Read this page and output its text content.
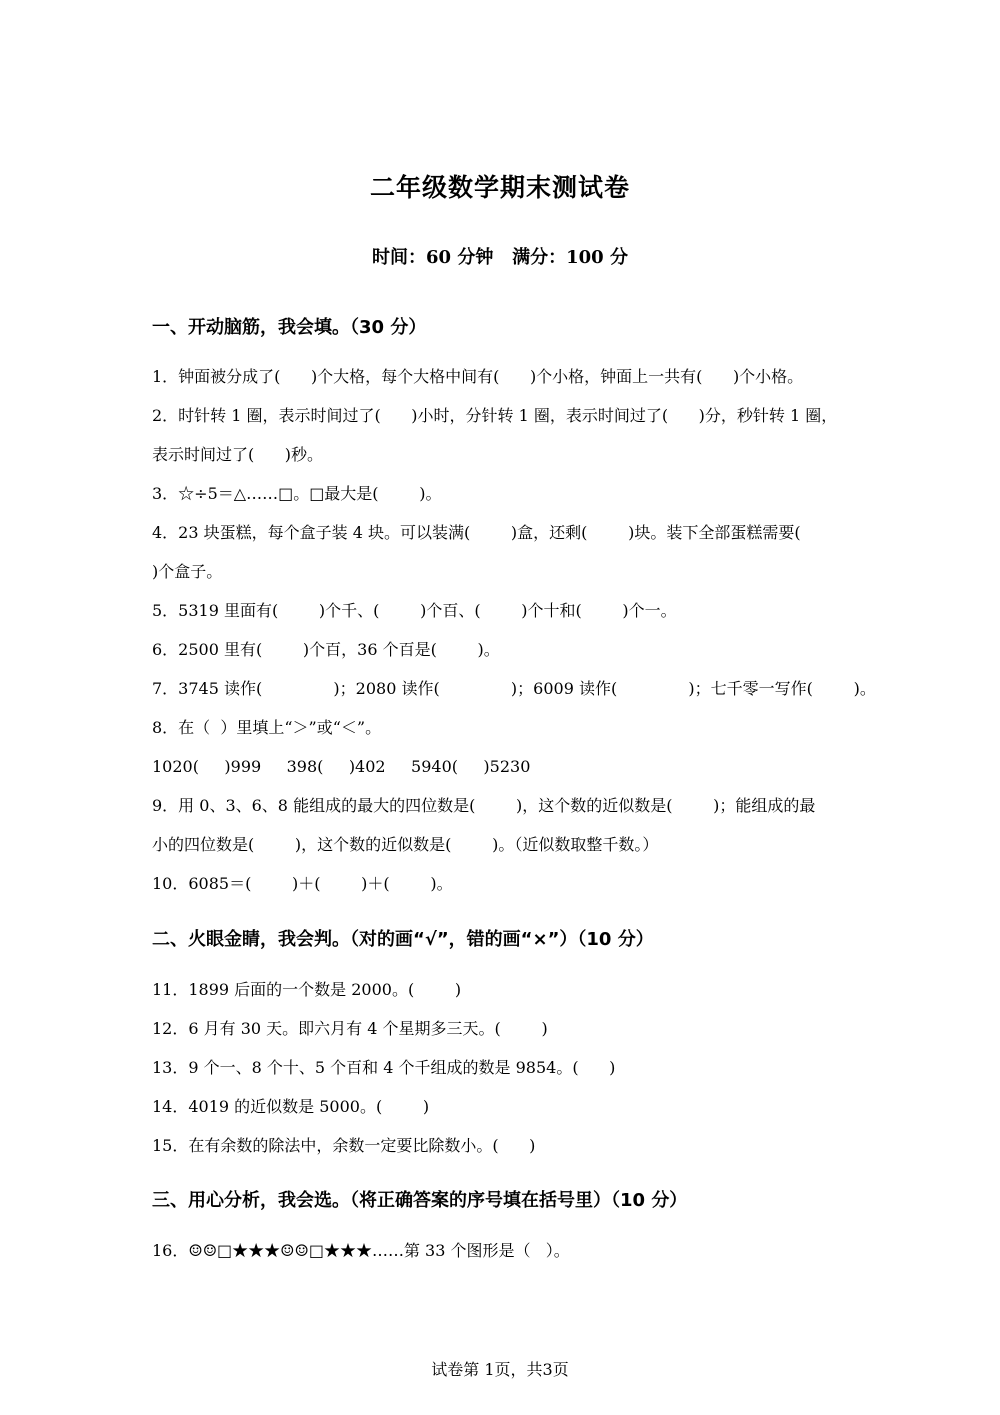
二年级数学期末测试卷
时间：60 分钟   满分：100 分
一、开动脑筋，我会填。（30 分）
1．钟面被分成了(      )个大格，每个大格中间有(      )个小格，钟面上一共有(      )个小格。
2．时针转 1 圈，表示时间过了(      )小时，分针转 1 圈，表示时间过了(      )分，秒针转 1 圈，
表示时间过了(      )秒。
3．☆÷5＝△……□。□最大是(        )。
4．23 块蛋糕，每个盒子装 4 块。可以装满(        )盒，还剩(        )块。装下全部蛋糕需要(
)个盒子。
5．5319 里面有(        )个千、(        )个百、(        )个十和(        )个一。
6．2500 里有(        )个百，36 个百是(        )。
7．3745 读作(              )；2080 读作(              )；6009 读作(              )；七千零一写作(        )。
8．在（  ）里填上“＞”或“＜”。
1020(     )999     398(     )402     5940(     )5230
9．用 0、3、6、8 能组成的最大的四位数是(        )，这个数的近似数是(        )；能组成的最
小的四位数是(        )，这个数的近似数是(        )。（近似数取整千数。）
10．6085＝(        )＋(        )＋(        )。
二、火眼金睛，我会判。（对的画“√”，错的画“×”）（10 分）
11．1899 后面的一个数是 2000。(        )
12．6 月有 30 天。即六月有 4 个星期多三天。(        )
13．9 个一、8 个十、5 个百和 4 个千组成的数是 9854。(      )
14．4019 的近似数是 5000。(        )
15．在有余数的除法中，余数一定要比除数小。(      )
三、用心分析，我会选。（将正确答案的序号填在括号里）（10 分）
16．☺☺□★★★☺☺□★★★……第 33 个图形是（   ）。
试卷第 1页，共3页
